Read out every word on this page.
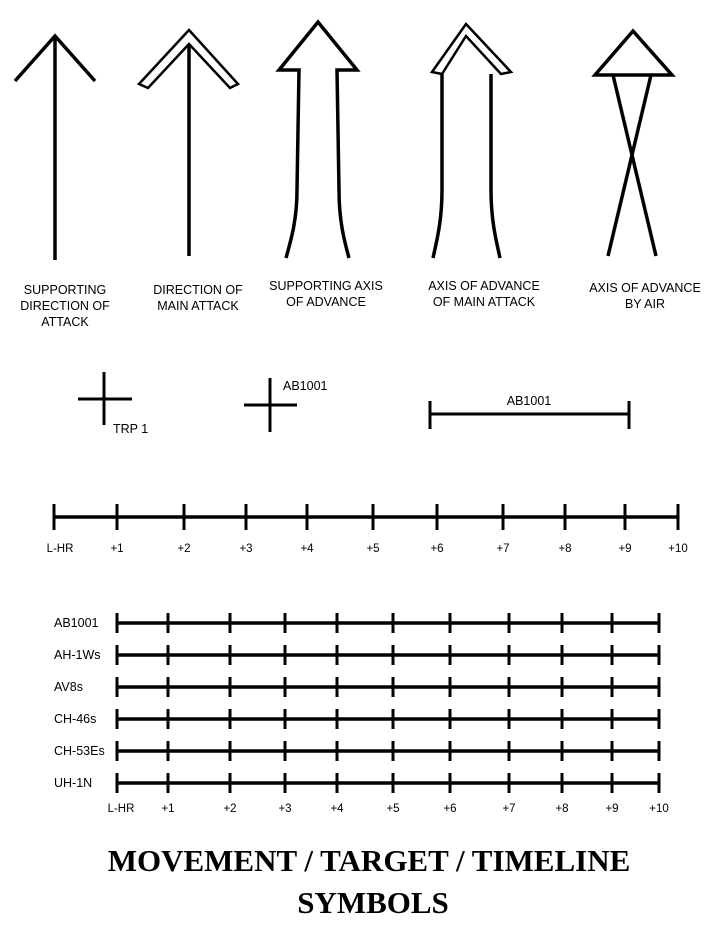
SUPPORTING
DIRECTION OF
ATTACK
DIRECTION OF
MAIN ATTACK
SUPPORTING AXIS
OF ADVANCE
AXIS OF ADVANCE
OF MAIN ATTACK
AXIS OF ADVANCE
BY AIR
TRP 1
AB1001
AB1001
L-HR	+1	+2	+3	+4	+5	+6	+7	+8	+9	+10
AB1001
AH-1Ws
AV8s
CH-46s
CH-53Es
UH-1N
L-HR +1	+2	+3	+4	+5	+6	+7	+8	+9	+10
MOVEMENT / TARGET / TIMELINE
SYMBOLS
